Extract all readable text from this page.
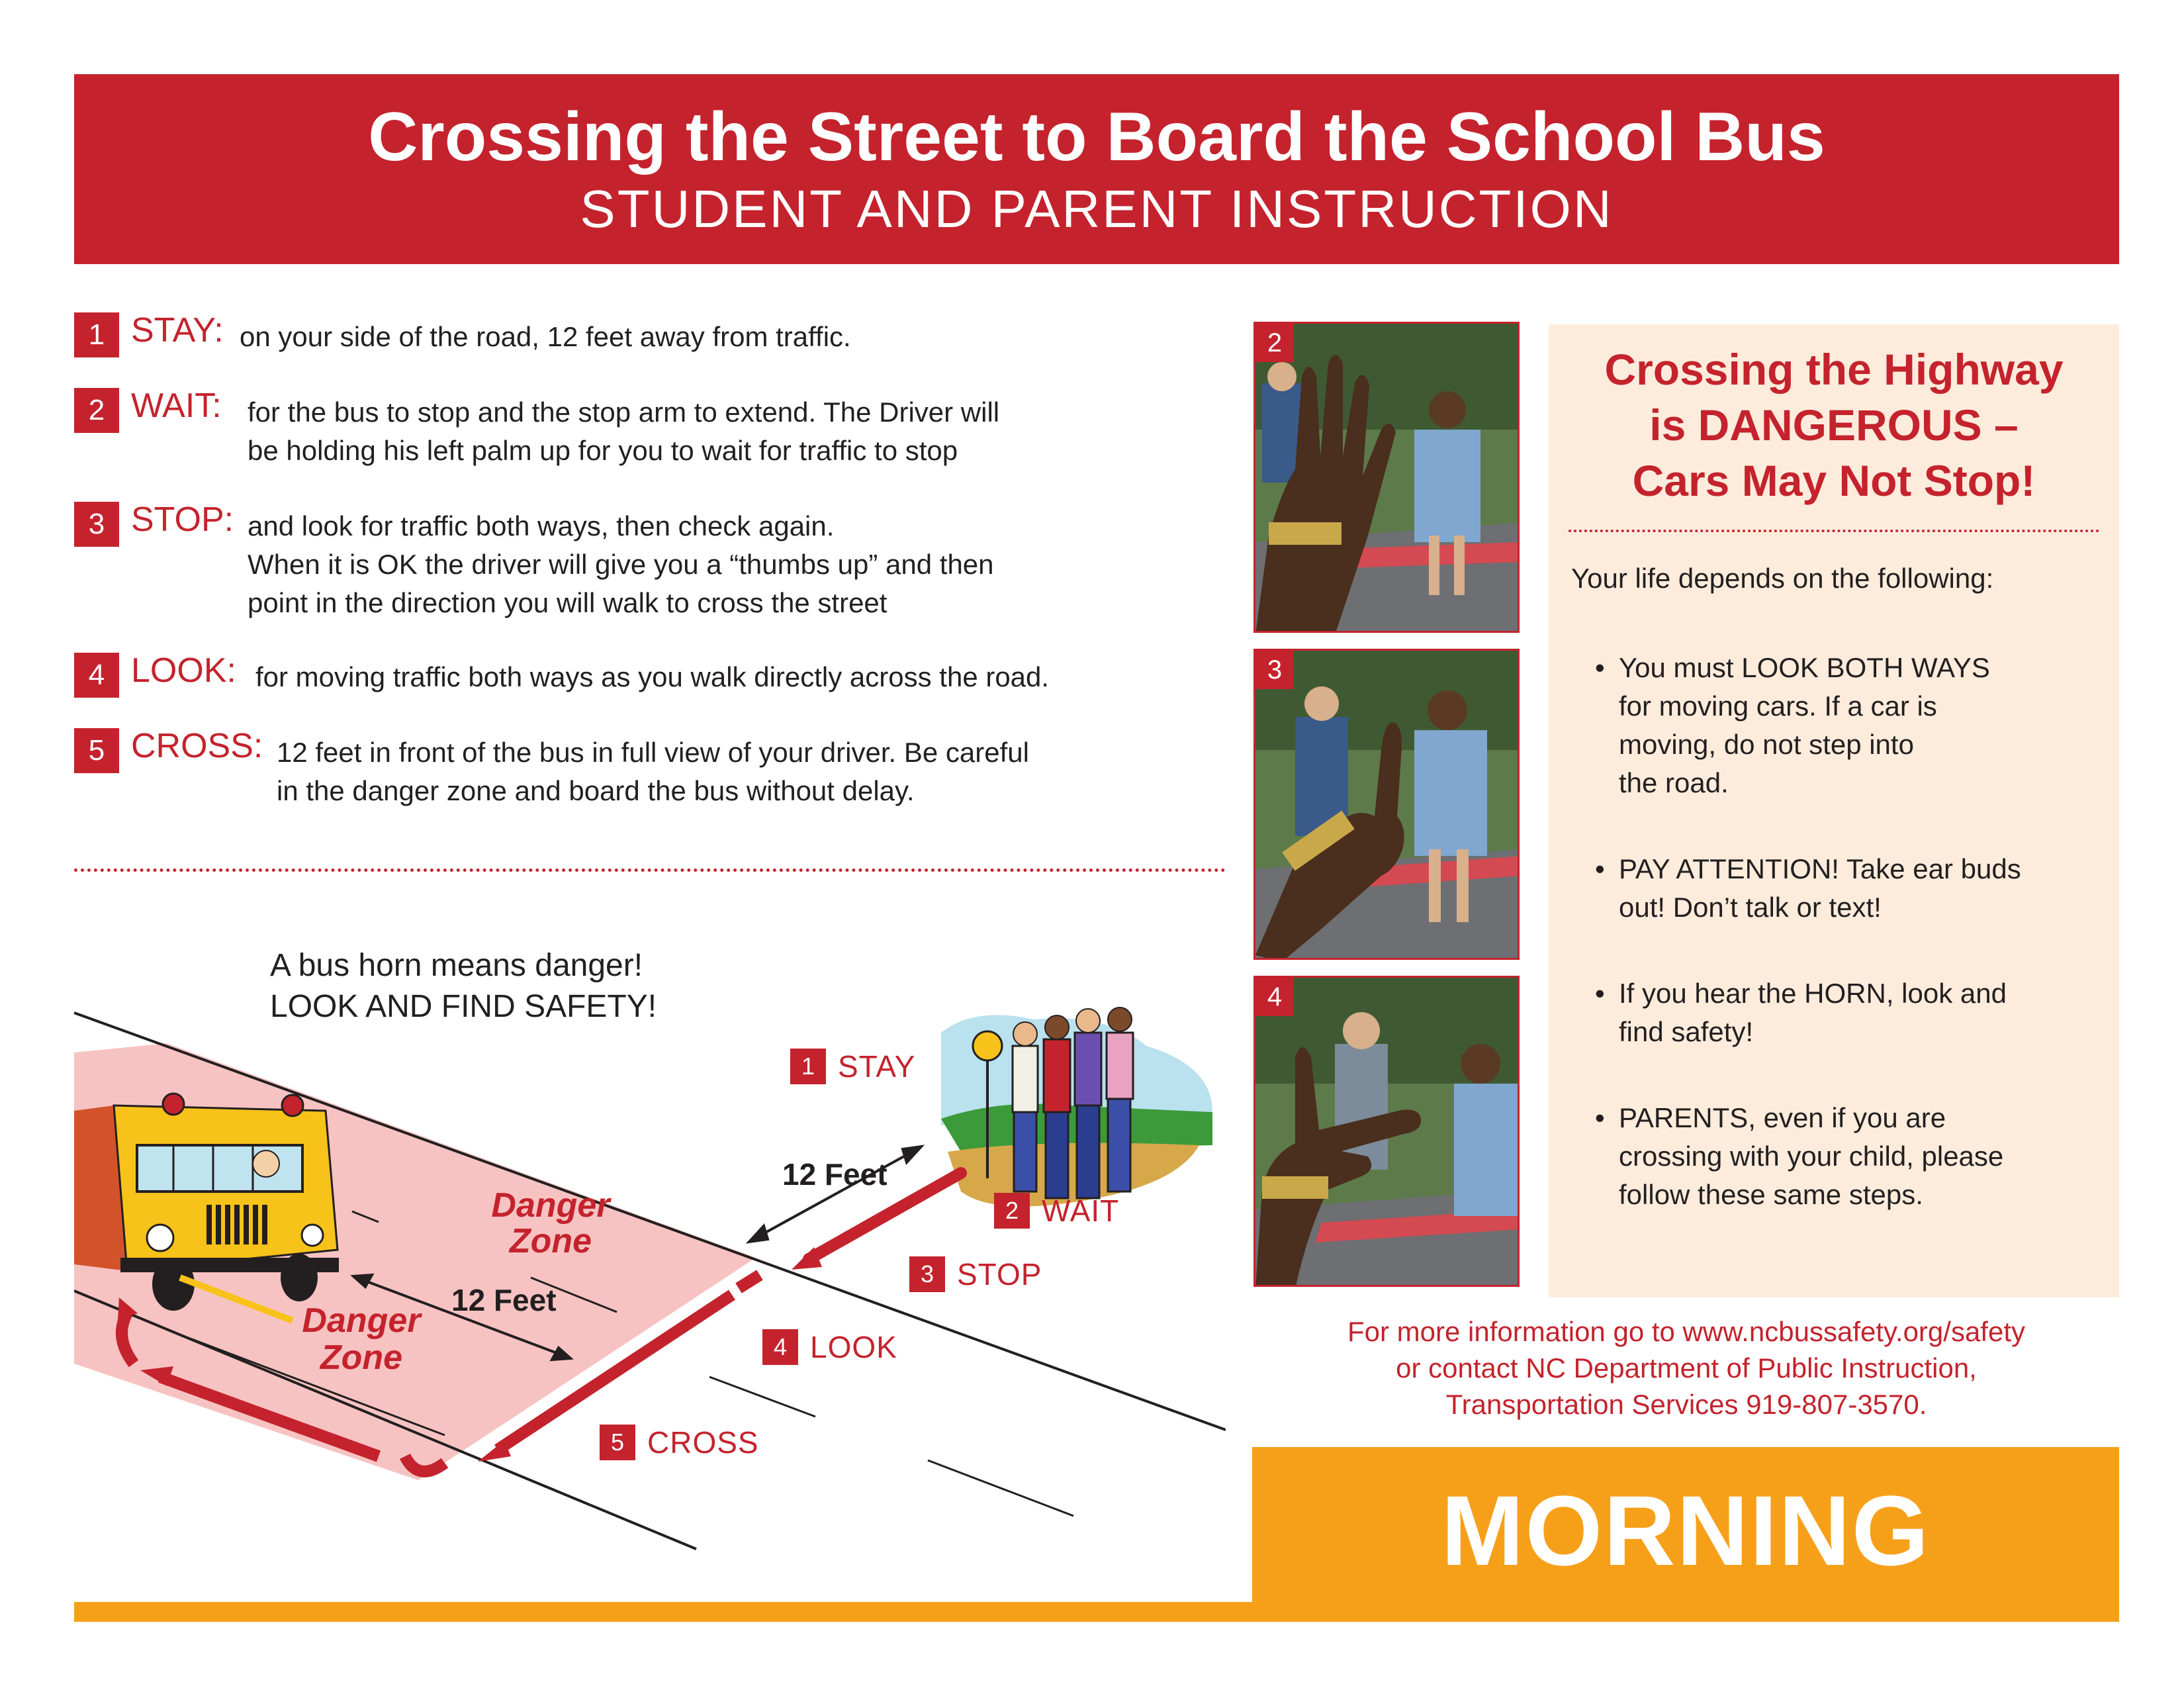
Crossing the Street to Board the School Bus
STUDENT AND PARENT INSTRUCTION
1 STAY: on your side of the road, 12 feet away from traffic.
2 WAIT: for the bus to stop and the stop arm to extend. The Driver will
be holding his left palm up for you to wait for traffic to stop
3 STOP: and look for traffic both ways, then check again.
When it is OK the driver will give you a “thumbs up” and then
point in the direction you will walk to cross the street
4 LOOK: for moving traffic both ways as you walk directly across the road.
5 CROSS: 12 feet in front of the bus in full view of your driver. Be careful
in the danger zone and board the bus without delay.
A bus horn means danger!
LOOK AND FIND SAFETY!
Danger
Zone
Danger
Zone
12 Feet
12 Feet
1 STAY
2 WAIT
3 STOP
4 LOOK
5 CROSS
2
3
4
Crossing the Highway
is DANGEROUS –
Cars May Not Stop!
Your life depends on the following:
• You must LOOK BOTH WAYS
for moving cars. If a car is
moving, do not step into
the road.
• PAY ATTENTION! Take ear buds
out! Don’t talk or text!
• If you hear the HORN, look and
find safety!
• PARENTS, even if you are
crossing with your child, please
follow these same steps.
For more information go to www.ncbussafety.org/safety
or contact NC Department of Public Instruction,
Transportation Services 919-807-3570.
MORNING
